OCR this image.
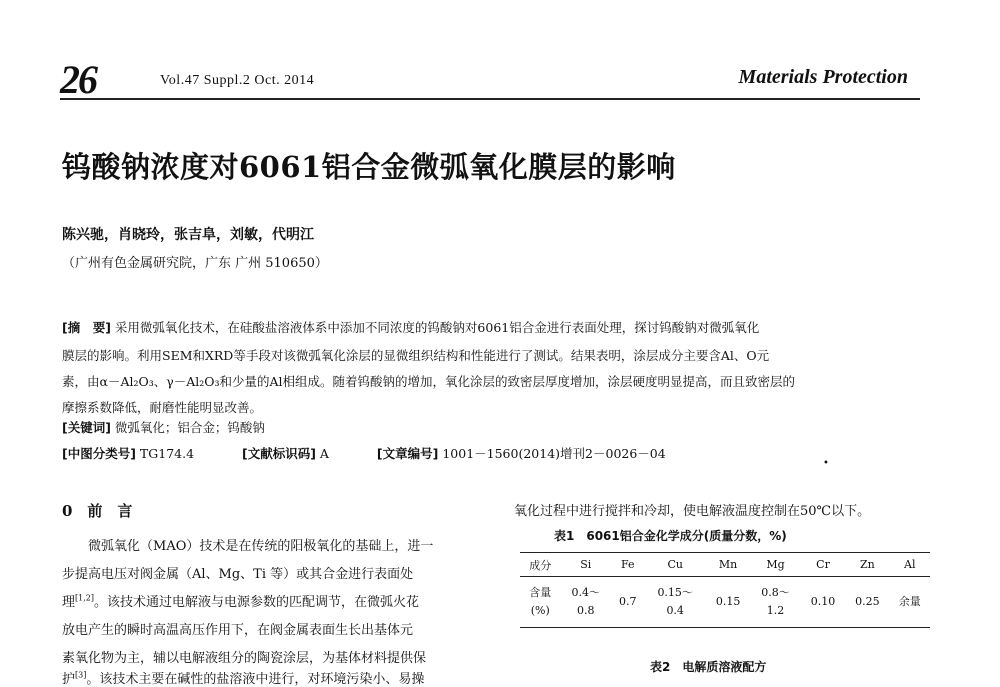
26	Vol.47 Suppl.2 Oct. 2014	Materials Protection
钨酸钠浓度对6061铝合金微弧氧化膜层的影响
陈兴驰，肖晓玲，张吉阜，刘敏，代明江
（广州有色金属研究院，广东 广州 510650）
[摘　要] 采用微弧氧化技术，在硅酸盐溶液体系中添加不同浓度的钨酸钠对6061铝合金进行表面处理，探讨钨酸钠对微弧氧化
膜层的影响。利用SEM和XRD等手段对该微弧氧化涂层的显微组织结构和性能进行了测试。结果表明，涂层成分主要含Al、O元
素，由α－Al₂O₃、γ－Al₂O₃和少量的Al相组成。随着钨酸钠的增加，氧化涂层的致密层厚度增加，涂层硬度明显提高，而且致密层的
摩擦系数降低，耐磨性能明显改善。
[关键词] 微弧氧化；铝合金；钨酸钠
[中图分类号] TG174.4	[文献标识码] A	[文章编号] 1001－1560(2014)增刊2－0026－04
•
0　前　言
　　微弧氧化（MAO）技术是在传统的阳极氧化的基础上，进一
步提高电压对阀金属（Al、Mg、Ti 等）或其合金进行表面处
理[1,2]。该技术通过电解液与电源参数的匹配调节，在微弧火花
放电产生的瞬时高温高压作用下，在阀金属表面生长出基体元
素氧化物为主，辅以电解液组分的陶瓷涂层，为基体材料提供保
护[3]。该技术主要在碱性的盐溶液中进行，对环境污染小、易操
氧化过程中进行搅拌和冷却，使电解液温度控制在50℃以下。
表1　6061铝合金化学成分(质量分数，%)
成分	Si	Fe	Cu	Mn	Mg	Cr	Zn	Al
含量
(%)	0.4～
0.8	0.7	0.15～
0.4	0.15	0.8～
1.2	0.10	0.25	余量
表2　电解质溶液配方
